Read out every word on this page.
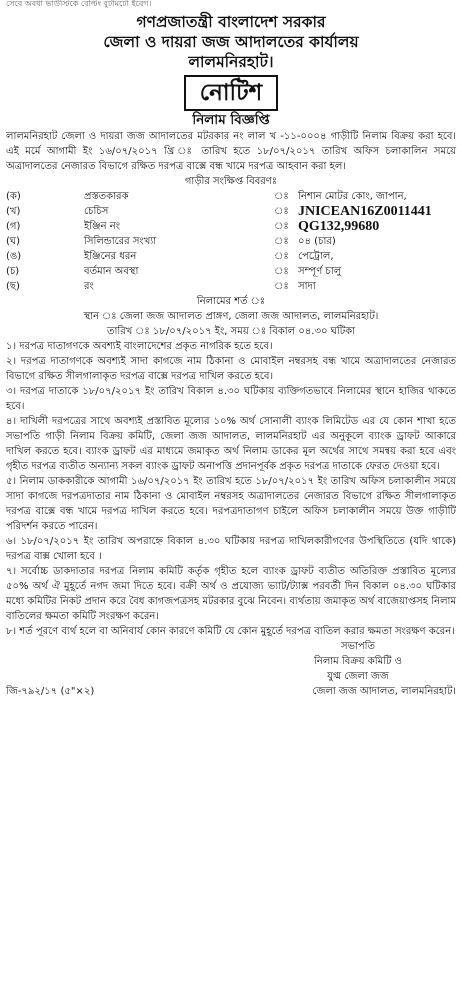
সেবে অবধা ভাউস্টিকে বেল্টিং বুটমিটো ইবেগ।
গণপ্রজাতন্ত্রী বাংলাদেশ সরকার
জেলা ও দায়রা জজ আদালতের কার্যালয়
লালমনিরহাট।
নোটিশ
নিলাম বিজ্ঞপ্তি

লালমনিরহাট জেলা ও দায়রা জজ আদালতের মটরকার নং লাল খ -১১-০০০৪ গাড়ীটি নিলাম বিক্রয় করা হবে। এই মর্মে আগামী ইং ১৬/০৭/২০১৭ খ্রি ঃ তারিখ হতে ১৮/০৭/২০১৭ তারিখ অফিস চলাকালিন সময়ে অত্রাদালতের নেজারত বিভাগে রক্ষিত দরপত্র বাক্সে বন্ধ খামে দরপত্র আহবান করা হল।

গাড়ীর সংক্ষিপ্ত বিবরণঃ
(ক)	প্রস্ততকারক	ঃ	নিশান মোটর কোং, জাপান,
(খ)	চেচিস	ঃ	JNICEAN16Z0011441
(গ)	ইঞ্জিন নং	ঃ	QG132,99680
(ঘ)	সিলিন্ডারের সংখ্যা	ঃ	০৪ (চার)
(ঙ)	ইঞ্জিনের ধরন	ঃ	পেট্রোল,
(চ)	বর্তমান অবস্থা	ঃ	সম্পূর্ণ চালু
(ছ)	রং	ঃ	সাদা
নিলামের শর্ত ঃ
স্থান ঃ জেলা জজ আদালত প্রাঙ্গণ, জেলা জজ আদালত, লালমনিরহাট।
তারিখ ঃ ১৮/০৭/২০১৭ ইং, সময় ঃ বিকাল ০৪.৩০ ঘটিকা

১। দরপত্র দাতাগণকে অবশ্যই বাংলাদেশের প্রকৃত নাগরিক হতে হবে।

২। দরপত্র দাতাগণকে অবশ্যই সাদা কাগজে নাম ঠিকানা ও মোবাইল নম্বরসহ বন্ধ খামে অত্রাদালতের নেজারত বিভাগে রক্ষিত সীলগালাকৃত দরপত্র বাক্সে দরপত্র দাখিল করতে হবে।

৩। দরপত্র দাতাকে ১৮/০৭/২০১৭ ইং তারিখ বিকাল ৪.৩০ ঘটিকায় ব্যক্তিগতভাবে নিলামের স্থানে হাজির থাকতে হবে।

৪। দাখিলী দরপত্রের সাথে অবশ্যই প্রস্তাবিত মূল্যের ১০% অর্থ সোনালী ব্যাংক লিমিটেড এর যে কোন শাখা হতে সভাপতি গাড়ী নিলাম বিক্রয় কমিটি, জেলা জজ আদালত, লালমনিরহাট এর অনুকূলে ব্যাংক ড্রাফট আকারে দাখিল করতে হবে। ব্যাংক ড্রাফট এর মাধ্যমে জমাকৃত অর্থ নিলাম ডাকের মূল অর্থের সাথে সমন্বয় করা হবে এবং গৃহীত দরপত্র ব্যতীত অন্যান্য সকল ব্যাংক ড্রাফট অনাপত্তি প্রদানপূর্বক প্রকৃত দরপত্র দাতাকে ফেরত দেওয়া হবে।

৫। নিলাম ডাককারীকে আগামী ১৬/০৭/২০১৭ ইং তারিখ হতে ১৮/০৭/২০১৭ ইং তারিখ অফিস চলাকালীন সময়ে সাদা কাগজে দরপত্রদাতার নাম ঠিকানা ও মোবাইল নম্বরসহ অত্রাদালতের নেজারত বিভাগে রক্ষিত সীলগালাকৃত দরপত্র বাক্সে বন্ধ খামে দরপত্র দাখিল করতে হবে। দরপত্রদাতাগণ চাইলে অফিস চলাকালীন সময়ে উক্ত গাড়ীটি পরিদর্শন করতে পারেন।

৬। ১৮/০৭/২০১৭ ইং তারিখ অপরাহ্নে বিকাল ৪.৩০ ঘটিকায় দরপত্র দাখিলকারীগণের উপস্থিতিতে (যদি থাকে) দরপত্র বাক্স খোলা হবে ।

৭। সর্বোচ্চ ডাকদাতার দরপত্র নিলাম কমিটি কর্তৃক গৃহীত হলে ব্যাংক ড্রাফট ব্যতীত অতিরিক্ত প্রস্তাবিত মূল্যের ৫০% অর্থ ঐ মুহূর্তে নগদ জমা দিতে হবে। বক্রী অর্থ ও প্রযোজ্য ভ্যাট/ট্যাক্স পরবর্তী দিন বিকাল ০৪.৩০ ঘটিকার মধ্যে কমিটির নিকট প্রদান করে বৈধ কাগজপত্রসহ মটরকার বুঝে নিবেন। ব্যর্থতায় জমাকৃত অর্থ বাজেয়াপ্তসহ নিলাম বাতিলের ক্ষমতা কমিটি সংরক্ষণ করেন।

৮। শর্ত পূরণে ব্যর্থ হলে বা অনিবার্য কোন কারণে কমিটি যে কোন মুহূর্তে দরপত্র বাতিল করার ক্ষমতা সংরক্ষণ করেন।

সভাপতি
নিলাম বিক্রয় কমিটি ও
যুগ্ম জেলা জজ
জি-৭৯২/১৭ (৫"×২)	জেলা জজ আদালত, লালমনিরহাট।
